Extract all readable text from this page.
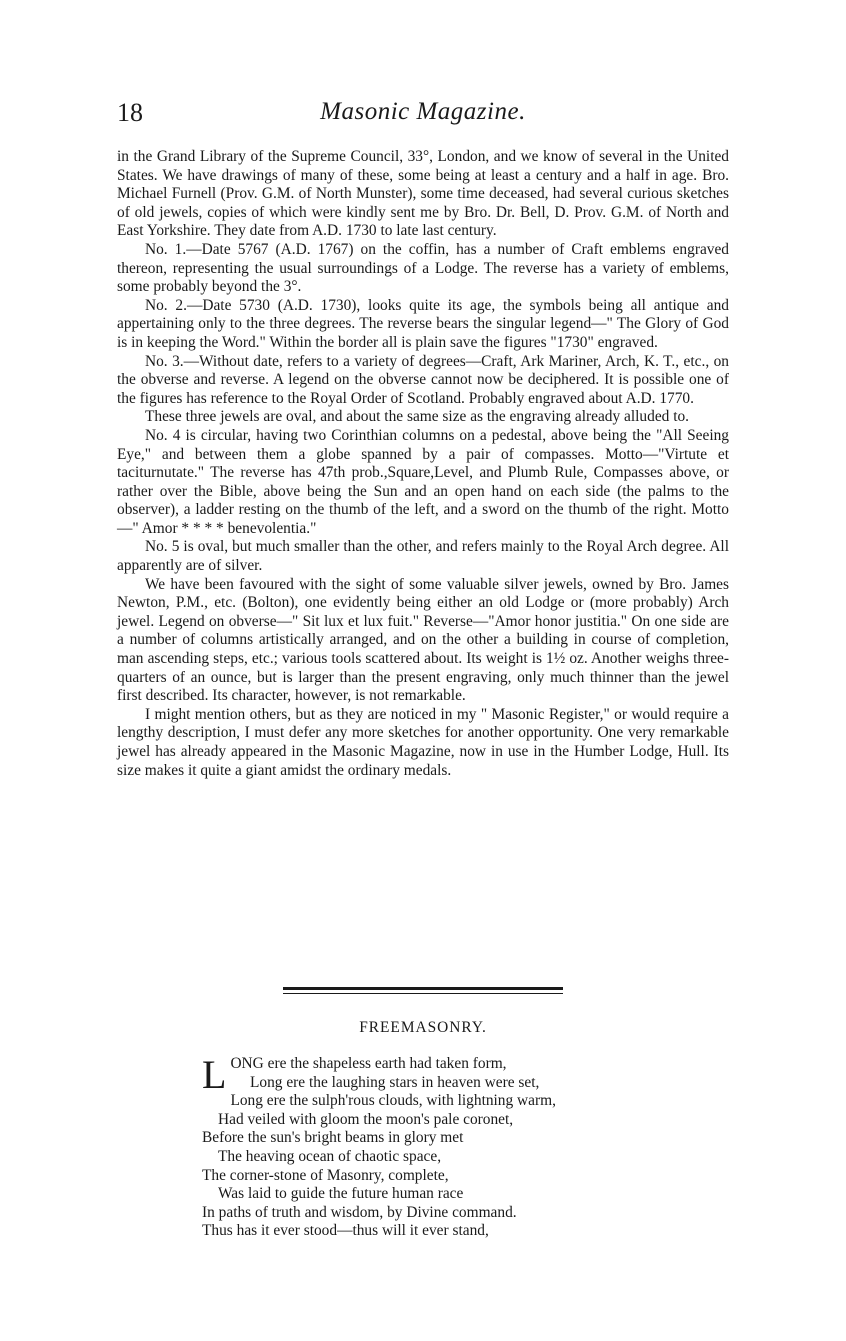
18	Masonic Magazine.

in the Grand Library of the Supreme Council, 33°, London, and we know of several in the United States. We have drawings of many of these, some being at least a century and a half in age. Bro. Michael Furnell (Prov. G.M. of North Munster), some time deceased, had several curious sketches of old jewels, copies of which were kindly sent me by Bro. Dr. Bell, D. Prov. G.M. of North and East Yorkshire. They date from A.D. 1730 to late last century.

No. 1.—Date 5767 (A.D. 1767) on the coffin, has a number of Craft emblems engraved thereon, representing the usual surroundings of a Lodge. The reverse has a variety of emblems, some probably beyond the 3°.

No. 2.—Date 5730 (A.D. 1730), looks quite its age, the symbols being all antique and appertaining only to the three degrees. The reverse bears the singular legend—" The Glory of God is in keeping the Word." Within the border all is plain save the figures "1730" engraved.

No. 3.—Without date, refers to a variety of degrees—Craft, Ark Mariner, Arch, K. T., etc., on the obverse and reverse. A legend on the obverse cannot now be deciphered. It is possible one of the figures has reference to the Royal Order of Scotland. Probably engraved about A.D. 1770.

These three jewels are oval, and about the same size as the engraving already alluded to.

No. 4 is circular, having two Corinthian columns on a pedestal, above being the "All Seeing Eye," and between them a globe spanned by a pair of compasses. Motto—"Virtute et taciturnutate." The reverse has 47th prob.,Square,Level, and Plumb Rule, Compasses above, or rather over the Bible, above being the Sun and an open hand on each side (the palms to the observer), a ladder resting on the thumb of the left, and a sword on the thumb of the right. Motto—" Amor * * * * benevolentia."

No. 5 is oval, but much smaller than the other, and refers mainly to the Royal Arch degree. All apparently are of silver.

We have been favoured with the sight of some valuable silver jewels, owned by Bro. James Newton, P.M., etc. (Bolton), one evidently being either an old Lodge or (more probably) Arch jewel. Legend on obverse—" Sit lux et lux fuit." Reverse—"Amor honor justitia." On one side are a number of columns artistically arranged, and on the other a building in course of completion, man ascending steps, etc.; various tools scattered about. Its weight is 1½ oz. Another weighs three-quarters of an ounce, but is larger than the present engraving, only much thinner than the jewel first described. Its character, however, is not remarkable.

I might mention others, but as they are noticed in my " Masonic Register," or would require a lengthy description, I must defer any more sketches for another opportunity. One very remarkable jewel has already appeared in the Masonic Magazine, now in use in the Humber Lodge, Hull. Its size makes it quite a giant amidst the ordinary medals.

FREEMASONRY.
L ONG ere the shapeless earth had taken form,
Long ere the laughing stars in heaven were set,
Long ere the sulph'rous clouds, with lightning warm,
Had veiled with gloom the moon's pale coronet,
Before the sun's bright beams in glory met
The heaving ocean of chaotic space,
The corner-stone of Masonry, complete,
Was laid to guide the future human race
In paths of truth and wisdom, by Divine command.
Thus has it ever stood—thus will it ever stand,
